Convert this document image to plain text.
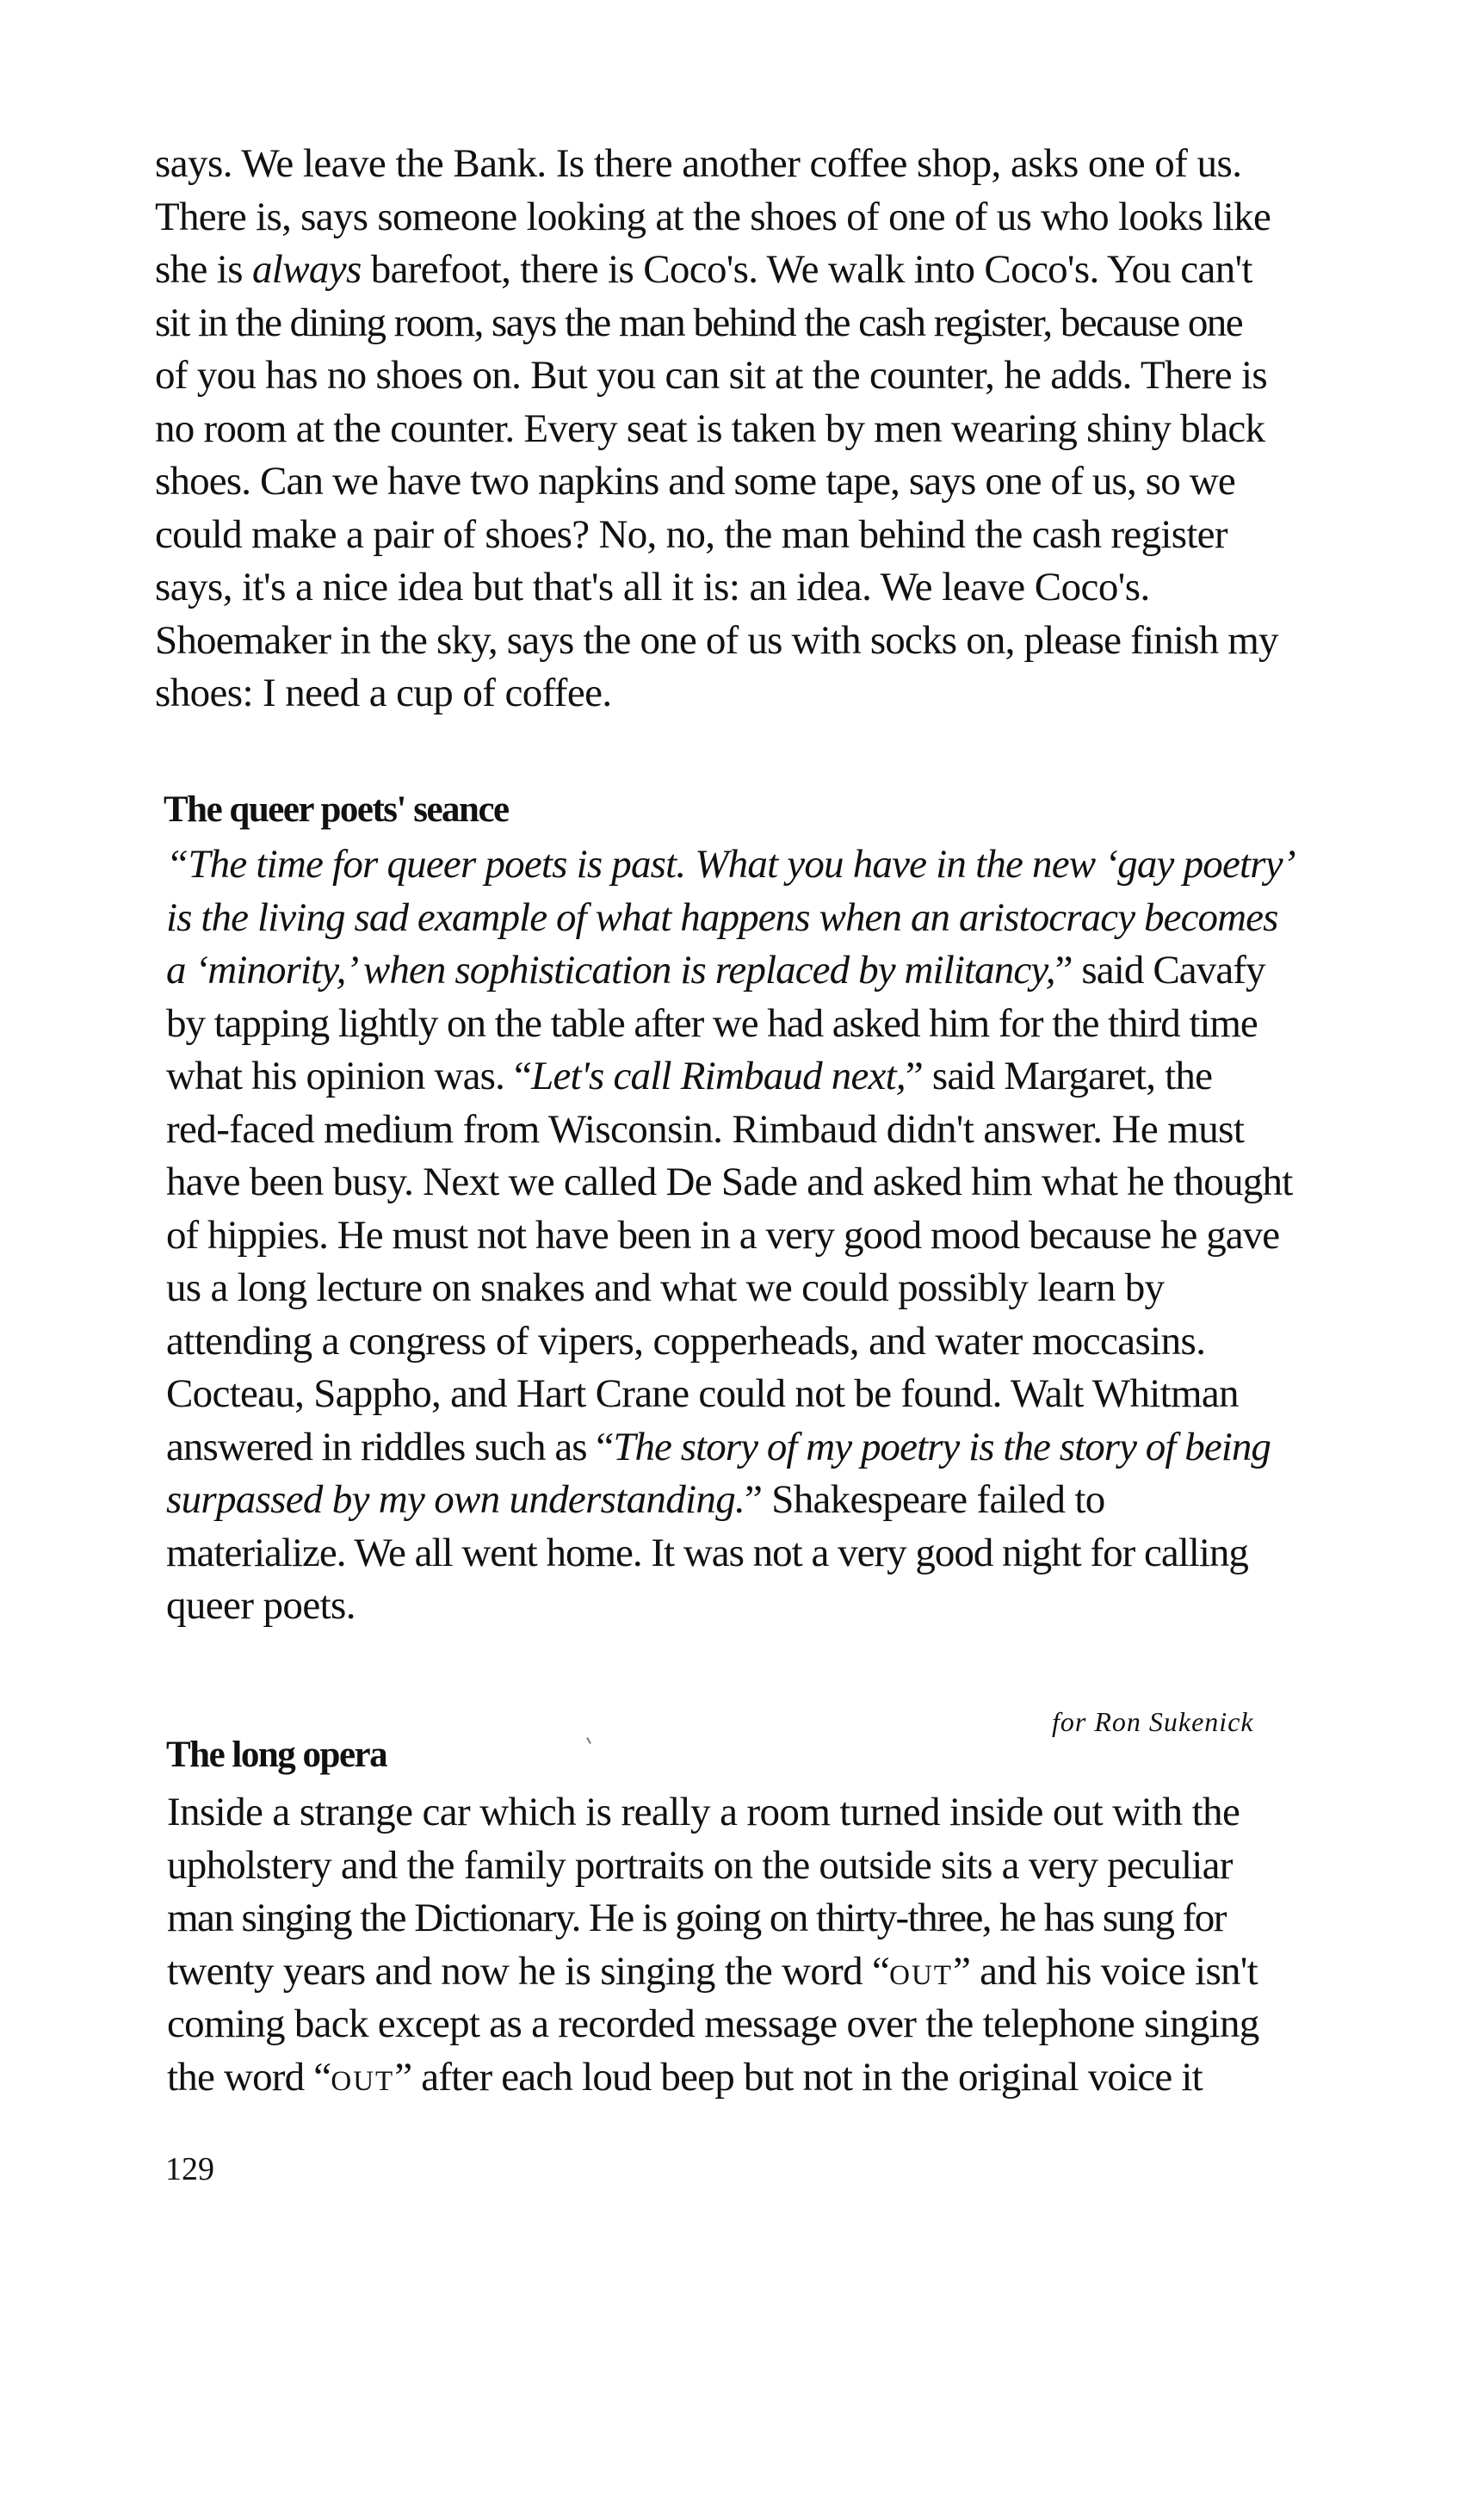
says. We leave the Bank. Is there another coffee shop, asks one of us.
There is, says someone looking at the shoes of one of us who looks like
she is always barefoot, there is Coco's. We walk into Coco's. You can't
sit in the dining room, says the man behind the cash register, because one
of you has no shoes on. But you can sit at the counter, he adds. There is
no room at the counter. Every seat is taken by men wearing shiny black
shoes. Can we have two napkins and some tape, says one of us, so we
could make a pair of shoes? No, no, the man behind the cash register
says, it's a nice idea but that's all it is: an idea. We leave Coco's.
Shoemaker in the sky, says the one of us with socks on, please finish my
shoes: I need a cup of coffee.
The queer poets' seance
“The time for queer poets is past. What you have in the new ‘gay poetry’
is the living sad example of what happens when an aristocracy becomes
a ‘minority,’ when sophistication is replaced by militancy,” said Cavafy
by tapping lightly on the table after we had asked him for the third time
what his opinion was. “Let's call Rimbaud next,” said Margaret, the
red-faced medium from Wisconsin. Rimbaud didn't answer. He must
have been busy. Next we called De Sade and asked him what he thought
of hippies. He must not have been in a very good mood because he gave
us a long lecture on snakes and what we could possibly learn by
attending a congress of vipers, copperheads, and water moccasins.
Cocteau, Sappho, and Hart Crane could not be found. Walt Whitman
answered in riddles such as “The story of my poetry is the story of being
surpassed by my own understanding.” Shakespeare failed to
materialize. We all went home. It was not a very good night for calling
queer poets.
for Ron Sukenick
The long opera
Inside a strange car which is really a room turned inside out with the
upholstery and the family portraits on the outside sits a very peculiar
man singing the Dictionary. He is going on thirty-three, he has sung for
twenty years and now he is singing the word “out” and his voice isn't
coming back except as a recorded message over the telephone singing
the word “out” after each loud beep but not in the original voice it
129
